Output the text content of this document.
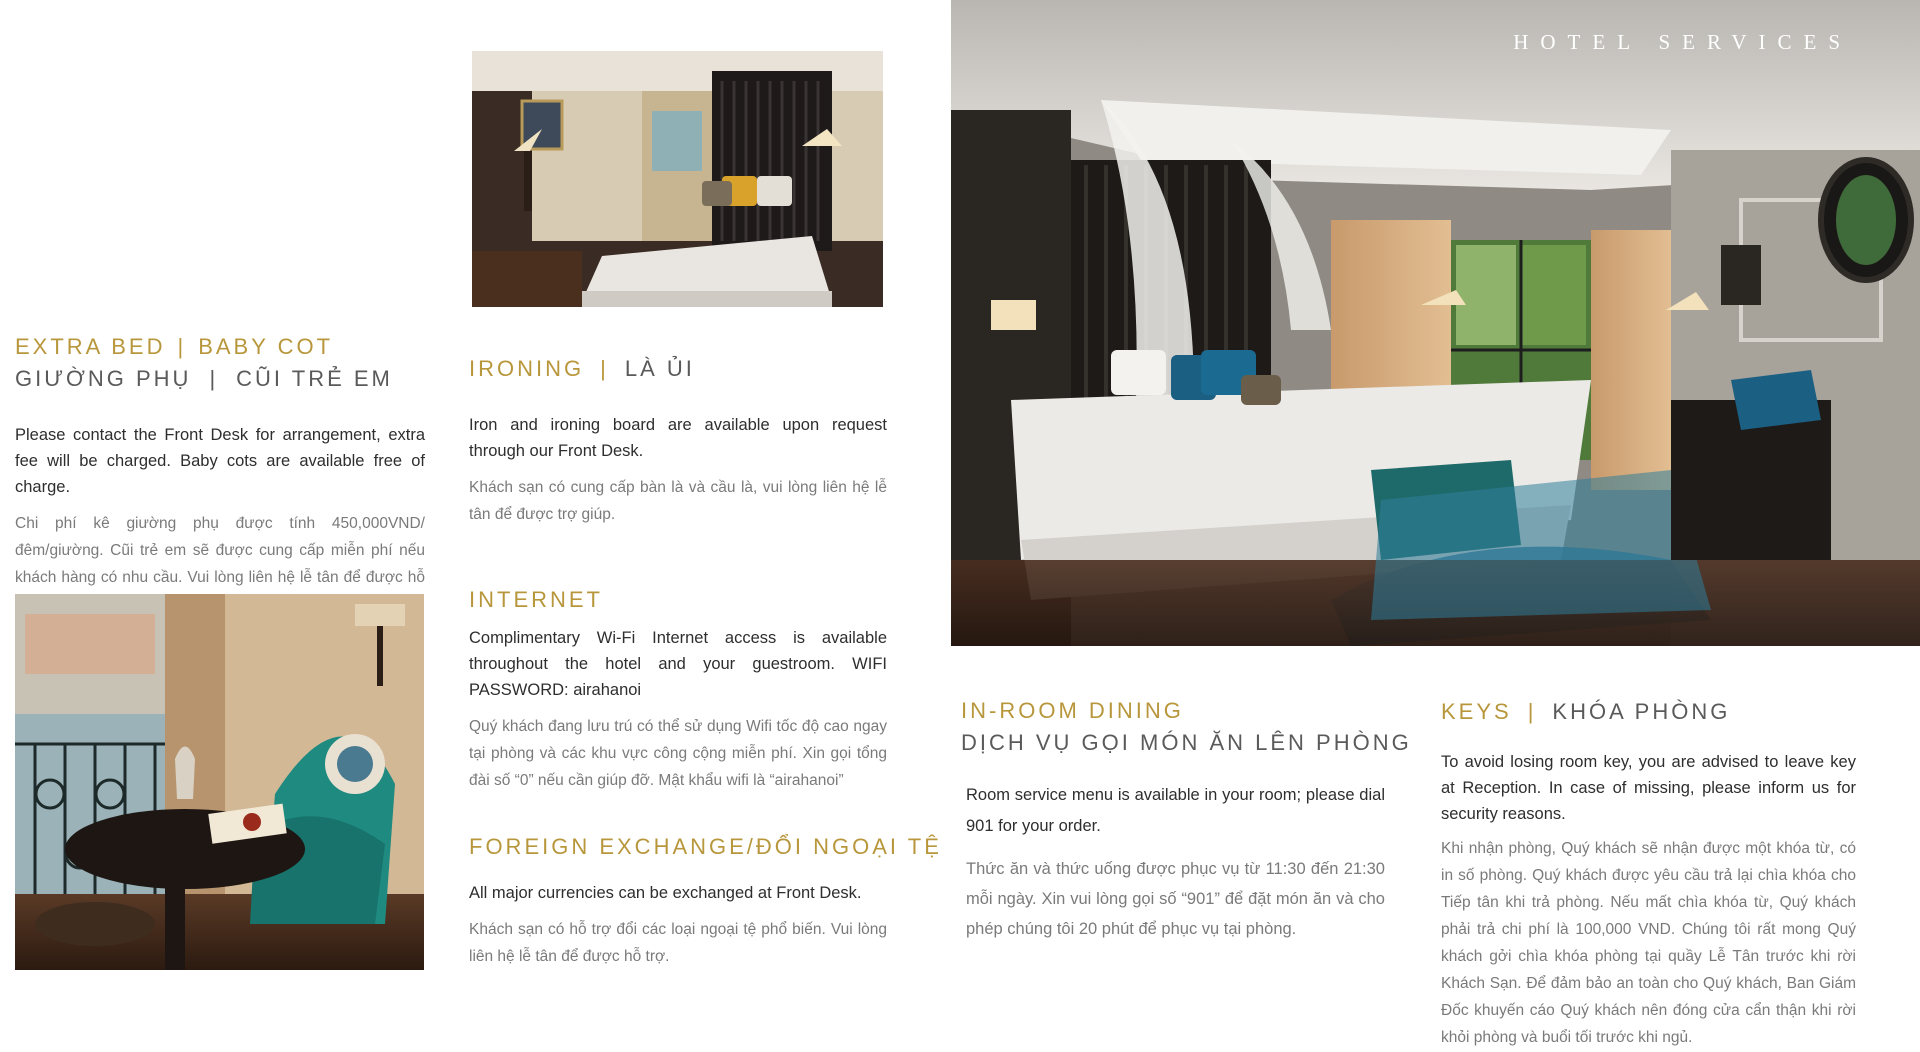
EXTRA BED | BABY COT
GIƯỜNG PHỤ | CŨI TRẺ EM

Please contact the Front Desk for arrangement, extra fee will be charged. Baby cots are available free of charge.

Chi phí kê giường phụ được tính 450,000VND/đêm/giường. Cũi trẻ em sẽ được cung cấp miễn phí nếu khách hàng có nhu cầu. Vui lòng liên hệ lễ tân để được hỗ

IRONING | LÀ ỦI

Iron and ironing board are available upon request through our Front Desk.

Khách sạn có cung cấp bàn là và cầu là, vui lòng liên hệ lễ tân để được trợ giúp.

INTERNET

Complimentary Wi-Fi Internet access is available throughout the hotel and your guestroom. WIFI PASSWORD: airahanoi

Quý khách đang lưu trú có thể sử dụng Wifi tốc độ cao ngay tại phòng và các khu vực công cộng miễn phí. Xin gọi tổng đài số “0” nếu cần giúp đỡ. Mật khẩu wifi là “airahanoi”

FOREIGN EXCHANGE/ĐỔI NGOẠI TỆ

All major currencies can be exchanged at Front Desk.

Khách sạn có hỗ trợ đổi các loại ngoại tệ phổ biến. Vui lòng liên hệ lễ tân để được hỗ trợ.

HOTEL SERVICES
IN-ROOM DINING
DỊCH VỤ GỌI MÓN ĂN LÊN PHÒNG

Room service menu is available in your room; please dial 901 for your order.

Thức ăn và thức uống được phục vụ từ 11:30 đến 21:30 mỗi ngày. Xin vui lòng gọi số “901” để đặt món ăn và cho phép chúng tôi 20 phút để phục vụ tại phòng.

KEYS | KHÓA PHÒNG

To avoid losing room key, you are advised to leave key at Reception. In case of missing, please inform us for security reasons.

Khi nhận phòng, Quý khách sẽ nhận được một khóa từ, có in số phòng. Quý khách được yêu cầu trả lại chìa khóa cho Tiếp tân khi trả phòng. Nếu mất chìa khóa từ, Quý khách phải trả chi phí là 100,000 VND. Chúng tôi rất mong Quý khách gởi chìa khóa phòng tại quầy Lễ Tân trước khi rời Khách Sạn. Để đảm bảo an toàn cho Quý khách, Ban Giám Đốc khuyến cáo Quý khách nên đóng cửa cẩn thận khi rời khỏi phòng và buổi tối trước khi ngủ.
